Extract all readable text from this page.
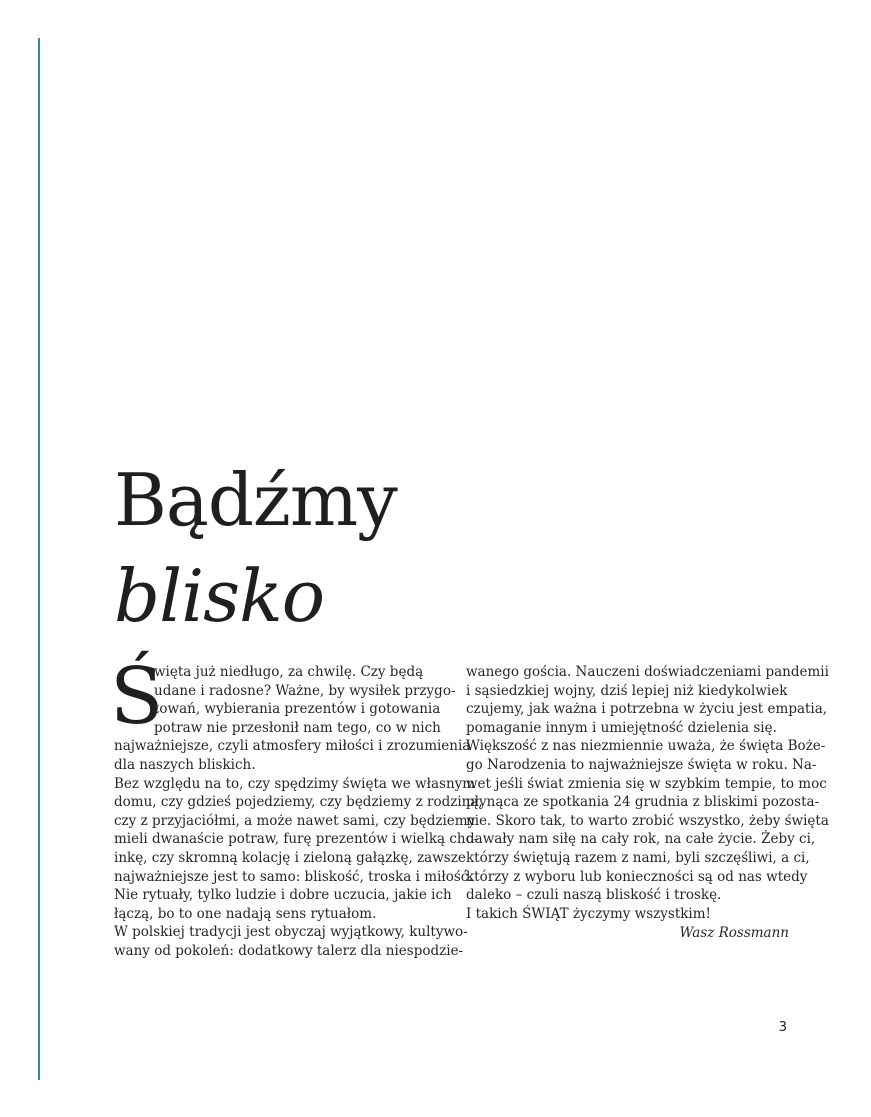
Bądźmy
blisko
Ś
więta już niedługo, za chwilę. Czy będą
udane i radosne? Ważne, by wysiłek przygo-
towań, wybierania prezentów i gotowania
potraw nie przesłonił nam tego, co w nich
najważniejsze, czyli atmosfery miłości i zrozumienia
dla naszych bliskich.
Bez względu na to, czy spędzimy święta we własnym
domu, czy gdzieś pojedziemy, czy będziemy z rodziną,
czy z przyjaciółmi, a może nawet sami, czy będziemy
mieli dwanaście potraw, furę prezentów i wielką cho-
inkę, czy skromną kolację i zieloną gałązkę, zawsze
najważniejsze jest to samo: bliskość, troska i miłość.
Nie rytuały, tylko ludzie i dobre uczucia, jakie ich
łączą, bo to one nadają sens rytuałom.
W polskiej tradycji jest obyczaj wyjątkowy, kultywo-
wany od pokoleń: dodatkowy talerz dla niespodzie-
wanego gościa. Nauczeni doświadczeniami pandemii
i sąsiedzkiej wojny, dziś lepiej niż kiedykolwiek
czujemy, jak ważna i potrzebna w życiu jest empatia,
pomaganie innym i umiejętność dzielenia się.
Większość z nas niezmiennie uważa, że święta Boże-
go Narodzenia to najważniejsze święta w roku. Na-
wet jeśli świat zmienia się w szybkim tempie, to moc
płynąca ze spotkania 24 grudnia z bliskimi pozosta-
nie. Skoro tak, to warto zrobić wszystko, żeby święta
dawały nam siłę na cały rok, na całe życie. Żeby ci,
którzy świętują razem z nami, byli szczęśliwi, a ci,
którzy z wyboru lub konieczności są od nas wtedy
daleko – czuli naszą bliskość i troskę.
I takich ŚWIĄT życzymy wszystkim!
Wasz Rossmann
3
